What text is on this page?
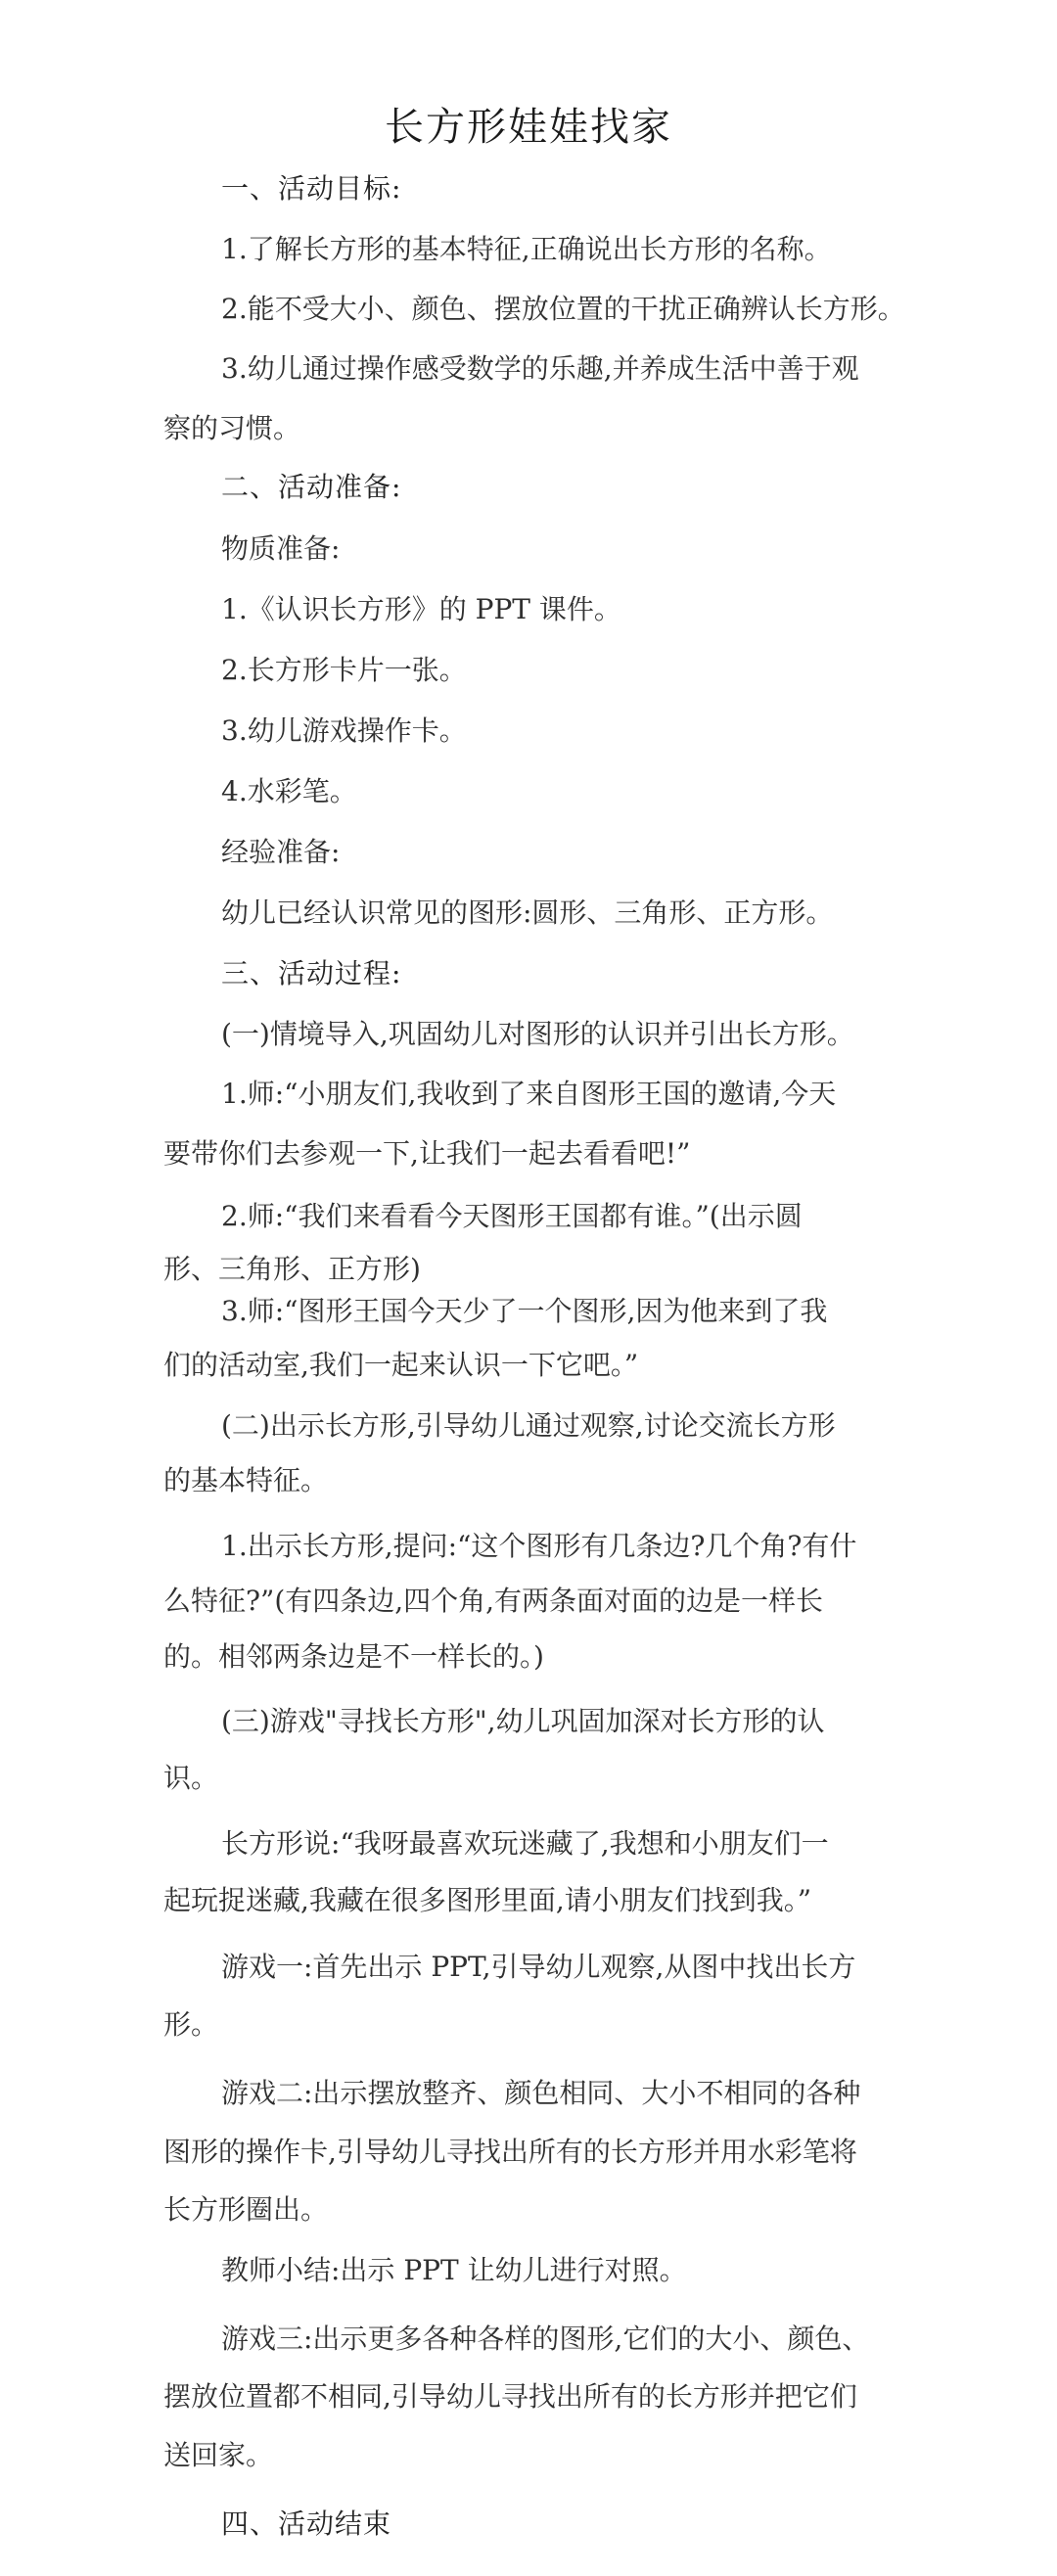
长方形娃娃找家
一、活动目标:
1.了解长方形的基本特征,正确说出长方形的名称。
2.能不受大小、颜色、摆放位置的干扰正确辨认长方形。
3.幼儿通过操作感受数学的乐趣,并养成生活中善于观
察的习惯。
二、活动准备:
物质准备:
1.《认识长方形》的 PPT 课件。
2.长方形卡片一张。
3.幼儿游戏操作卡。
4.水彩笔。
经验准备:
幼儿已经认识常见的图形:圆形、三角形、正方形。
三、活动过程:
(一)情境导入,巩固幼儿对图形的认识并引出长方形。
1.师:“小朋友们,我收到了来自图形王国的邀请,今天
要带你们去参观一下,让我们一起去看看吧!”
2.师:“我们来看看今天图形王国都有谁。”(出示圆
形、三角形、正方形)
3.师:“图形王国今天少了一个图形,因为他来到了我
们的活动室,我们一起来认识一下它吧。”
(二)出示长方形,引导幼儿通过观察,讨论交流长方形
的基本特征。
1.出示长方形,提问:“这个图形有几条边?几个角?有什
么特征?”(有四条边,四个角,有两条面对面的边是一样长
的。相邻两条边是不一样长的。)
(三)游戏"寻找长方形",幼儿巩固加深对长方形的认
识。
长方形说:“我呀最喜欢玩迷藏了,我想和小朋友们一
起玩捉迷藏,我藏在很多图形里面,请小朋友们找到我。”
游戏一:首先出示 PPT,引导幼儿观察,从图中找出长方
形。
游戏二:出示摆放整齐、颜色相同、大小不相同的各种
图形的操作卡,引导幼儿寻找出所有的长方形并用水彩笔将
长方形圈出。
教师小结:出示 PPT 让幼儿进行对照。
游戏三:出示更多各种各样的图形,它们的大小、颜色、
摆放位置都不相同,引导幼儿寻找出所有的长方形并把它们
送回家。
四、活动结束
